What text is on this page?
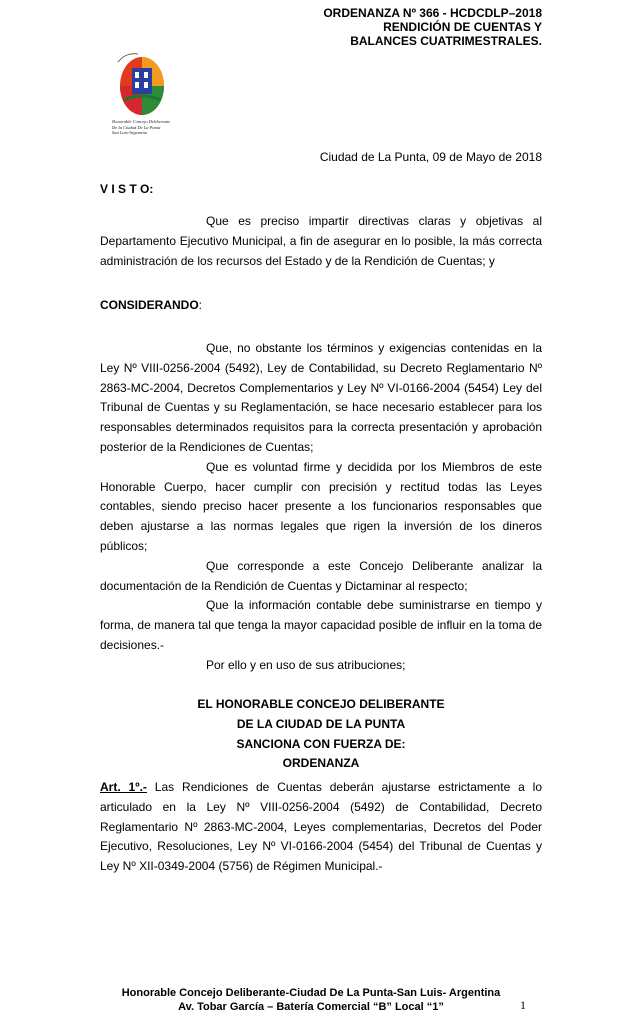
ORDENANZA Nº 366 - HCDCDLP–2018
RENDICIÓN DE CUENTAS Y
BALANCES CUATRIMESTRALES.
Honorable Concejo Deliberante
De la Ciudad De La Punta
San Luis-Argentina
Ciudad de La Punta, 09 de Mayo de 2018
V I S T O:

Que es preciso impartir directivas claras y objetivas al Departamento Ejecutivo Municipal, a fin de asegurar en lo posible, la más correcta administración de los recursos del Estado y de la Rendición de Cuentas; y

CONSIDERANDO:

Que, no obstante los términos y exigencias contenidas en la Ley Nº VIII-0256-2004 (5492), Ley de Contabilidad, su Decreto Reglamentario Nº 2863-MC-2004, Decretos Complementarios y Ley Nº VI-0166-2004 (5454) Ley del Tribunal de Cuentas y su Reglamentación, se hace necesario establecer para los responsables determinados requisitos para la correcta presentación y aprobación posterior de la Rendiciones de Cuentas;

Que es voluntad firme y decidida por los Miembros de este Honorable Cuerpo, hacer cumplir con precisión y rectitud todas las Leyes contables, siendo preciso hacer presente a los funcionarios responsables que deben ajustarse a las normas legales que rigen la inversión de los dineros públicos;

Que corresponde a este Concejo Deliberante analizar la documentación de la Rendición de Cuentas y Dictaminar al respecto;

Que la información contable debe suministrarse en tiempo y forma, de manera tal que tenga la mayor capacidad posible de influir en la toma de decisiones.-

Por ello y en uso de sus atribuciones;

EL HONORABLE CONCEJO DELIBERANTE
DE LA CIUDAD DE LA PUNTA
SANCIONA CON FUERZA DE:
ORDENANZA

Art. 1º.- Las Rendiciones de Cuentas deberán ajustarse estrictamente a lo articulado en la Ley Nº VIII-0256-2004 (5492) de Contabilidad, Decreto Reglamentario Nº 2863-MC-2004, Leyes complementarias, Decretos del Poder Ejecutivo, Resoluciones, Ley Nº VI-0166-2004 (5454) del Tribunal de Cuentas y Ley Nº XII-0349-2004 (5756) de Régimen Municipal.-

Honorable Concejo Deliberante-Ciudad De La Punta-San Luis- Argentina
Av. Tobar García – Batería Comercial “B” Local “1”	1
